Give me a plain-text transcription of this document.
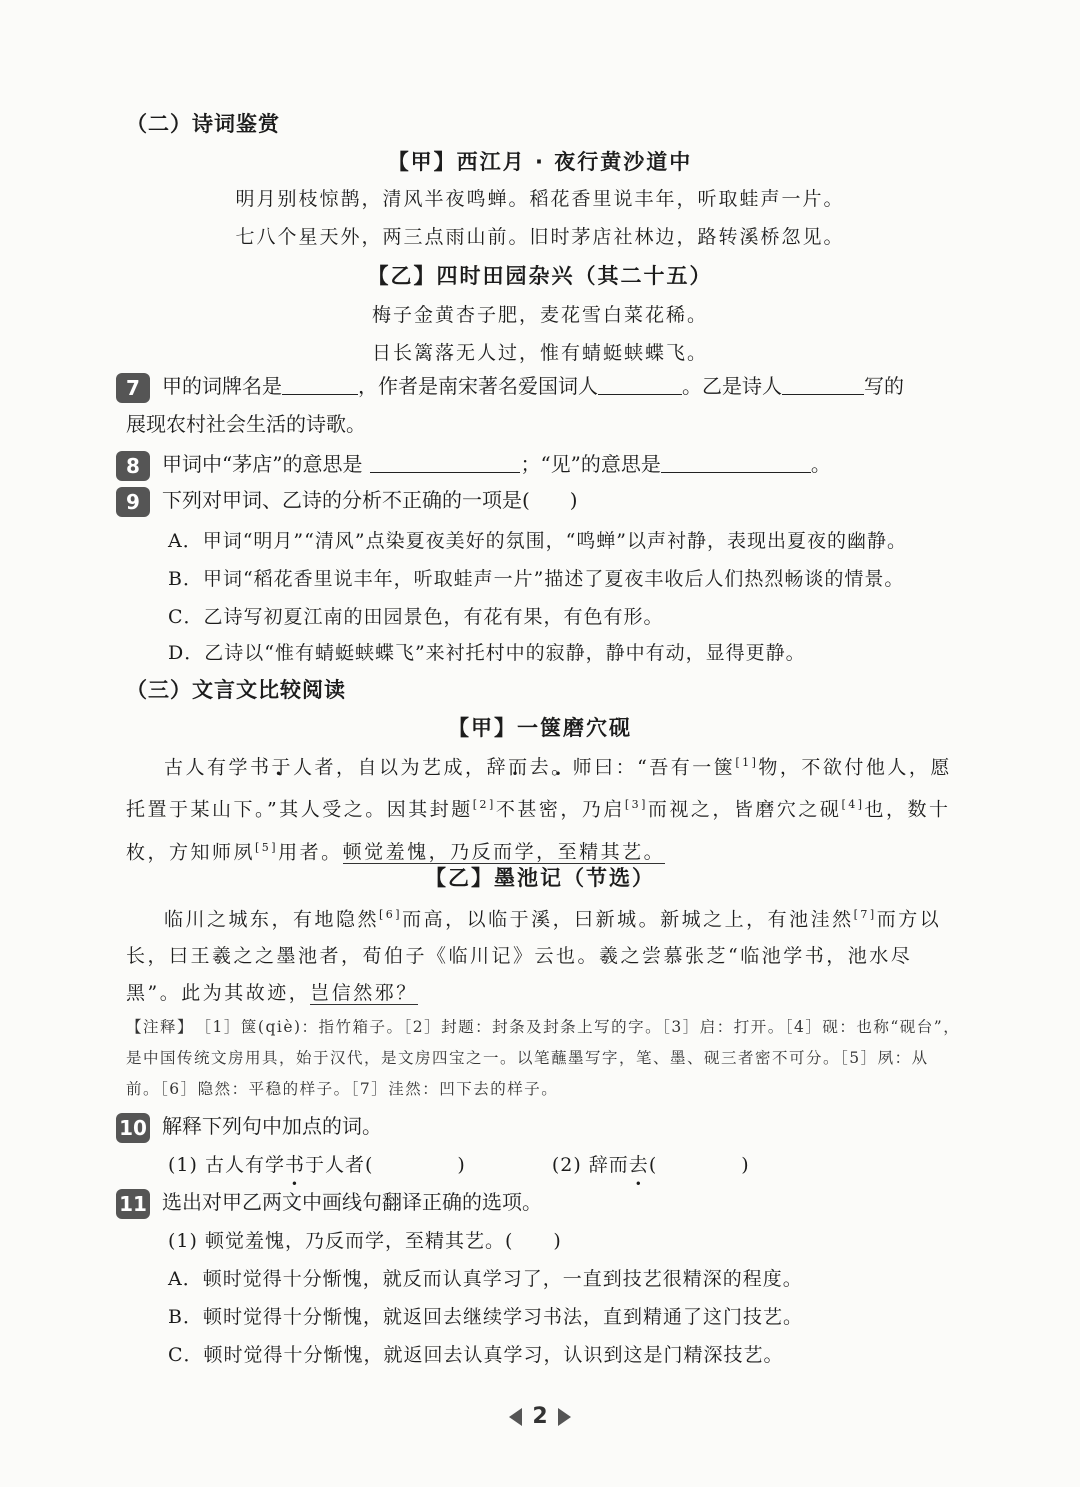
（二）诗词鉴赏
【甲】西江月 · 夜行黄沙道中
明月别枝惊鹊，清风半夜鸣蝉。稻花香里说丰年，听取蛙声一片。
七八个星天外，两三点雨山前。旧时茅店社林边，路转溪桥忽见。
【乙】四时田园杂兴（其二十五）
梅子金黄杏子肥，麦花雪白菜花稀。
日长篱落无人过，惟有蜻蜓蛱蝶飞。
7 甲的词牌名是	，作者是南宋著名爱国词人	。乙是诗人	写的
展现农村社会生活的诗歌。
8 甲词中“茅店”的意思是	；“见”的意思是	。
9 下列对甲词、乙诗的分析不正确的一项是(　　)
A．甲词“明月”“清风”点染夏夜美好的氛围，“鸣蝉”以声衬静，表现出夏夜的幽静。
B．甲词“稻花香里说丰年，听取蛙声一片”描述了夏夜丰收后人们热烈畅谈的情景。
C．乙诗写初夏江南的田园景色，有花有果，有色有形。
D．乙诗以“惟有蜻蜓蛱蝶飞”来衬托村中的寂静，静中有动，显得更静。
（三）文言文比较阅读
【甲】一箧磨穴砚
古人有学书于人者，自以为艺成，辞而去。师曰：“吾有一箧[1]物，不欲付他人，愿托置于某山下。”其人受之。因其封题[2]不甚密，乃启[3]而视之，皆磨穴之砚[4]也，数十枚，方知师夙[5]用者。顿觉羞愧，乃反而学，至精其艺。
【乙】墨池记（节选）
临川之城东，有地隐然[6]而高，以临于溪，曰新城。新城之上，有池洼然[7]而方以长，曰王羲之之墨池者，荀伯子《临川记》云也。羲之尝慕张芝“临池学书，池水尽黑”。此为其故迹，岂信然邪？
【注释】　 ［1］箧(qiè)：指竹箱子。［2］封题：封条及封条上写的字。［3］启：打开。［4］砚：也称“砚台”，是中国传统文房用具，始于汉代，是文房四宝之一。以笔蘸墨写字，笔、墨、砚三者密不可分。［5］夙：从前。［6］隐然：平稳的样子。［7］洼然：凹下去的样子。
10 解释下列句中加点的词。
(1) 古人有学书于人者(	)	(2) 辞而去(	)
11 选出对甲乙两文中画线句翻译正确的选项。
(1) 顿觉羞愧，乃反而学，至精其艺。(　　)
A．顿时觉得十分惭愧，就反而认真学习了，一直到技艺很精深的程度。
B．顿时觉得十分惭愧，就返回去继续学习书法，直到精通了这门技艺。
C．顿时觉得十分惭愧，就返回去认真学习，认识到这是门精深技艺。
2
